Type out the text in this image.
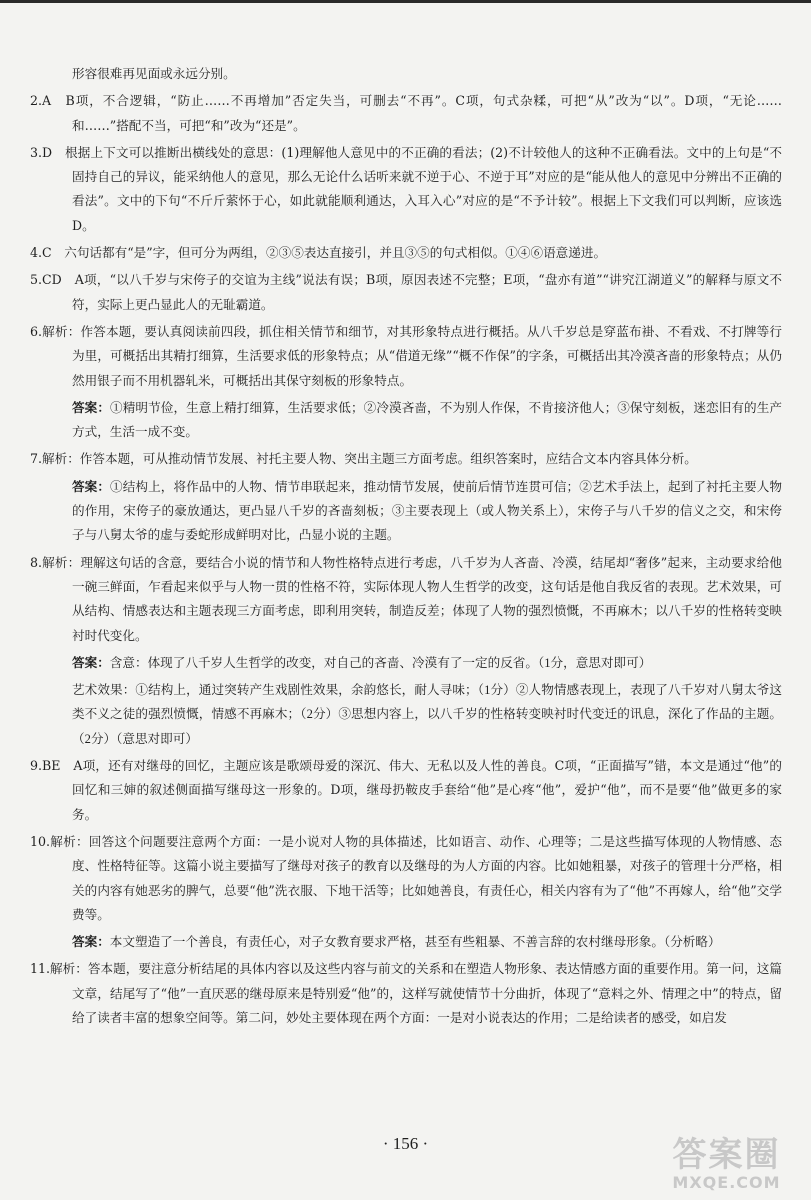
形容很难再见面或永远分别。

2.A　B项，不合逻辑，“防止……不再增加”否定失当，可删去“不再”。C项，句式杂糅，可把“从”改为“以”。D项，“无论……和……”搭配不当，可把“和”改为“还是”。

3.D　根据上下文可以推断出横线处的意思：(1)理解他人意见中的不正确的看法；(2)不计较他人的这种不正确看法。文中的上句是“不固持自己的异议，能采纳他人的意见，那么无论什么话听来就不逆于心、不逆于耳”对应的是“能从他人的意见中分辨出不正确的看法”。文中的下句“不斤斤萦怀于心，如此就能顺利通达，入耳入心”对应的是“不予计较”。根据上下文我们可以判断，应该选D。

4.C　六句话都有“是”字，但可分为两组，②③⑤表达直接引，并且③⑤的句式相似。①④⑥语意递进。

5.CD　A项，“以八千岁与宋侉子的交谊为主线”说法有误；B项，原因表述不完整；E项，“盘亦有道”“讲究江湖道义”的解释与原文不符，实际上更凸显此人的无耻霸道。

6.解析：作答本题，要认真阅读前四段，抓住相关情节和细节，对其形象特点进行概括。从八千岁总是穿蓝布褂、不看戏、不打牌等行为里，可概括出其精打细算，生活要求低的形象特点；从“借道无缘”“概不作保”的字条，可概括出其冷漠吝啬的形象特点；从仍然用银子而不用机器轧米，可概括出其保守刻板的形象特点。

答案：①精明节俭，生意上精打细算，生活要求低；②冷漠吝啬，不为别人作保，不肯接济他人；③保守刻板，迷恋旧有的生产方式，生活一成不变。

7.解析：作答本题，可从推动情节发展、衬托主要人物、突出主题三方面考虑。组织答案时，应结合文本内容具体分析。

答案：①结构上，将作品中的人物、情节串联起来，推动情节发展，使前后情节连贯可信；②艺术手法上，起到了衬托主要人物的作用，宋侉子的豪放通达，更凸显八千岁的吝啬刻板；③主要表现上（或人物关系上），宋侉子与八千岁的信义之交，和宋侉子与八舅太爷的虚与委蛇形成鲜明对比，凸显小说的主题。

8.解析：理解这句话的含意，要结合小说的情节和人物性格特点进行考虑，八千岁为人吝啬、冷漠，结尾却“奢侈”起来，主动要求给他一碗三鲜面，乍看起来似乎与人物一贯的性格不符，实际体现人物人生哲学的改变，这句话是他自我反省的表现。艺术效果，可从结构、情感表达和主题表现三方面考虑，即利用突转，制造反差；体现了人物的强烈愤慨，不再麻木；以八千岁的性格转变映衬时代变化。

答案：含意：体现了八千岁人生哲学的改变，对自己的吝啬、冷漠有了一定的反省。（1分，意思对即可）

艺术效果：①结构上，通过突转产生戏剧性效果，余韵悠长，耐人寻味；（1分）②人物情感表现上，表现了八千岁对八舅太爷这类不义之徒的强烈愤慨，情感不再麻木；（2分）③思想内容上，以八千岁的性格转变映衬时代变迁的讯息，深化了作品的主题。（2分）（意思对即可）

9.BE　A项，还有对继母的回忆，主题应该是歌颂母爱的深沉、伟大、无私以及人性的善良。C项，“正面描写”错，本文是通过“他”的回忆和三婶的叙述侧面描写继母这一形象的。D项，继母扔鞍皮手套给“他”是心疼“他”，爱护“他”，而不是要“他”做更多的家务。

10.解析：回答这个问题要注意两个方面：一是小说对人物的具体描述，比如语言、动作、心理等；二是这些描写体现的人物情感、态度、性格特征等。这篇小说主要描写了继母对孩子的教育以及继母的为人方面的内容。比如她粗暴，对孩子的管理十分严格，相关的内容有她恶劣的脾气，总要“他”洗衣服、下地干活等；比如她善良，有责任心，相关内容有为了“他”不再嫁人，给“他”交学费等。

答案：本文塑造了一个善良，有责任心，对子女教育要求严格，甚至有些粗暴、不善言辞的农村继母形象。（分析略）

11.解析：答本题，要注意分析结尾的具体内容以及这些内容与前文的关系和在塑造人物形象、表达情感方面的重要作用。第一问，这篇文章，结尾写了“他”一直厌恶的继母原来是特别爱“他”的，这样写就使情节十分曲折，体现了“意料之外、情理之中”的特点，留给了读者丰富的想象空间等。第二问，妙处主要体现在两个方面：一是对小说表达的作用；二是给读者的感受，如启发

· 156 ·	答案圈
MXQE.COM
